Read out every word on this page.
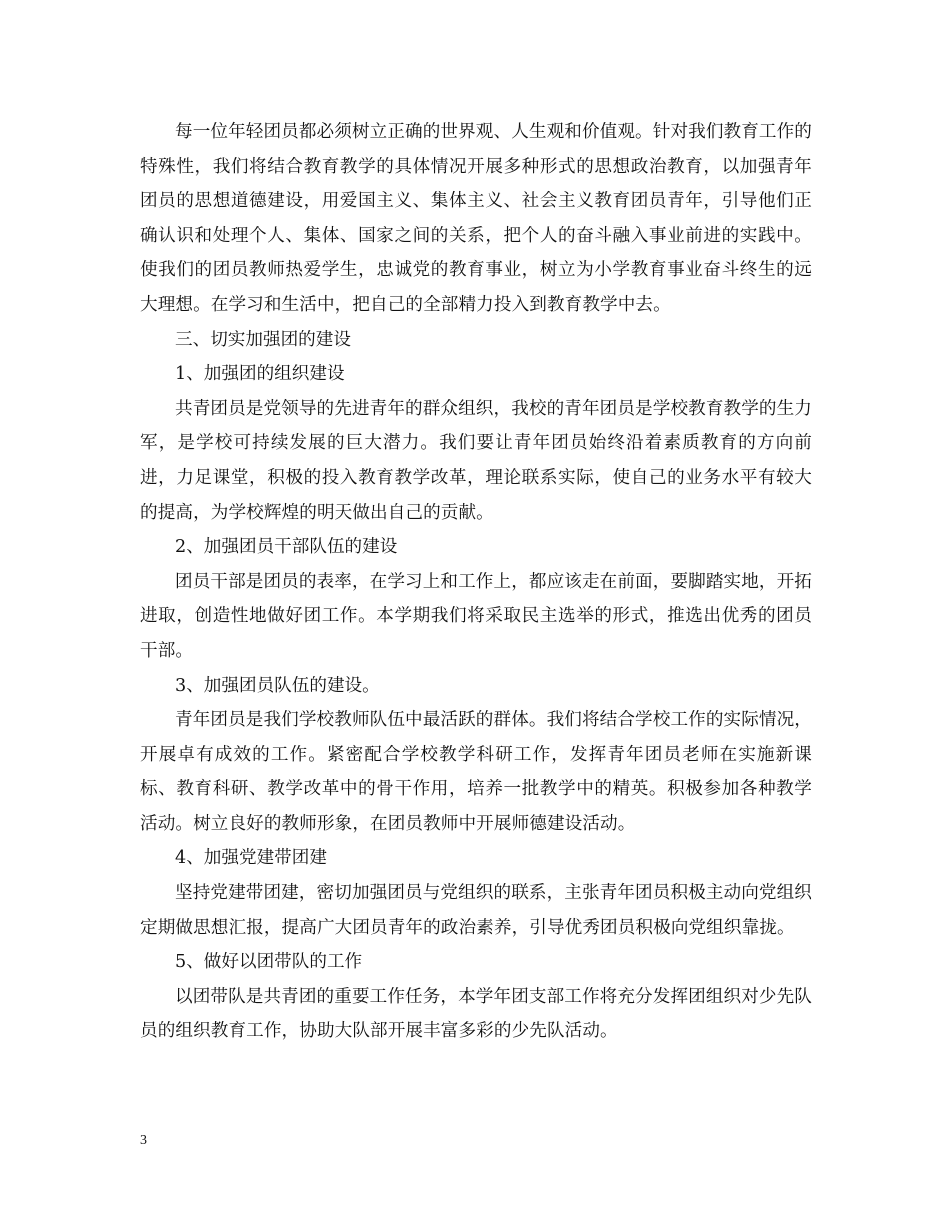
每一位年轻团员都必须树立正确的世界观、人生观和价值观。针对我们教育工作的特殊性，我们将结合教育教学的具体情况开展多种形式的思想政治教育，以加强青年团员的思想道德建设，用爱国主义、集体主义、社会主义教育团员青年，引导他们正确认识和处理个人、集体、国家之间的关系，把个人的奋斗融入事业前进的实践中。使我们的团员教师热爱学生，忠诚党的教育事业，树立为小学教育事业奋斗终生的远大理想。在学习和生活中，把自己的全部精力投入到教育教学中去。

三、切实加强团的建设

1、加强团的组织建设

共青团员是党领导的先进青年的群众组织，我校的青年团员是学校教育教学的生力军，是学校可持续发展的巨大潜力。我们要让青年团员始终沿着素质教育的方向前进，力足课堂，积极的投入教育教学改革，理论联系实际，使自己的业务水平有较大的提高，为学校辉煌的明天做出自己的贡献。

2、加强团员干部队伍的建设

团员干部是团员的表率，在学习上和工作上，都应该走在前面，要脚踏实地，开拓进取，创造性地做好团工作。本学期我们将采取民主选举的形式，推选出优秀的团员干部。

3、加强团员队伍的建设。

青年团员是我们学校教师队伍中最活跃的群体。我们将结合学校工作的实际情况，开展卓有成效的工作。紧密配合学校教学科研工作，发挥青年团员老师在实施新课标、教育科研、教学改革中的骨干作用，培养一批教学中的精英。积极参加各种教学活动。树立良好的教师形象，在团员教师中开展师德建设活动。

4、加强党建带团建

坚持党建带团建，密切加强团员与党组织的联系，主张青年团员积极主动向党组织定期做思想汇报，提高广大团员青年的政治素养，引导优秀团员积极向党组织靠拢。

5、做好以团带队的工作

以团带队是共青团的重要工作任务，本学年团支部工作将充分发挥团组织对少先队员的组织教育工作，协助大队部开展丰富多彩的少先队活动。

3
